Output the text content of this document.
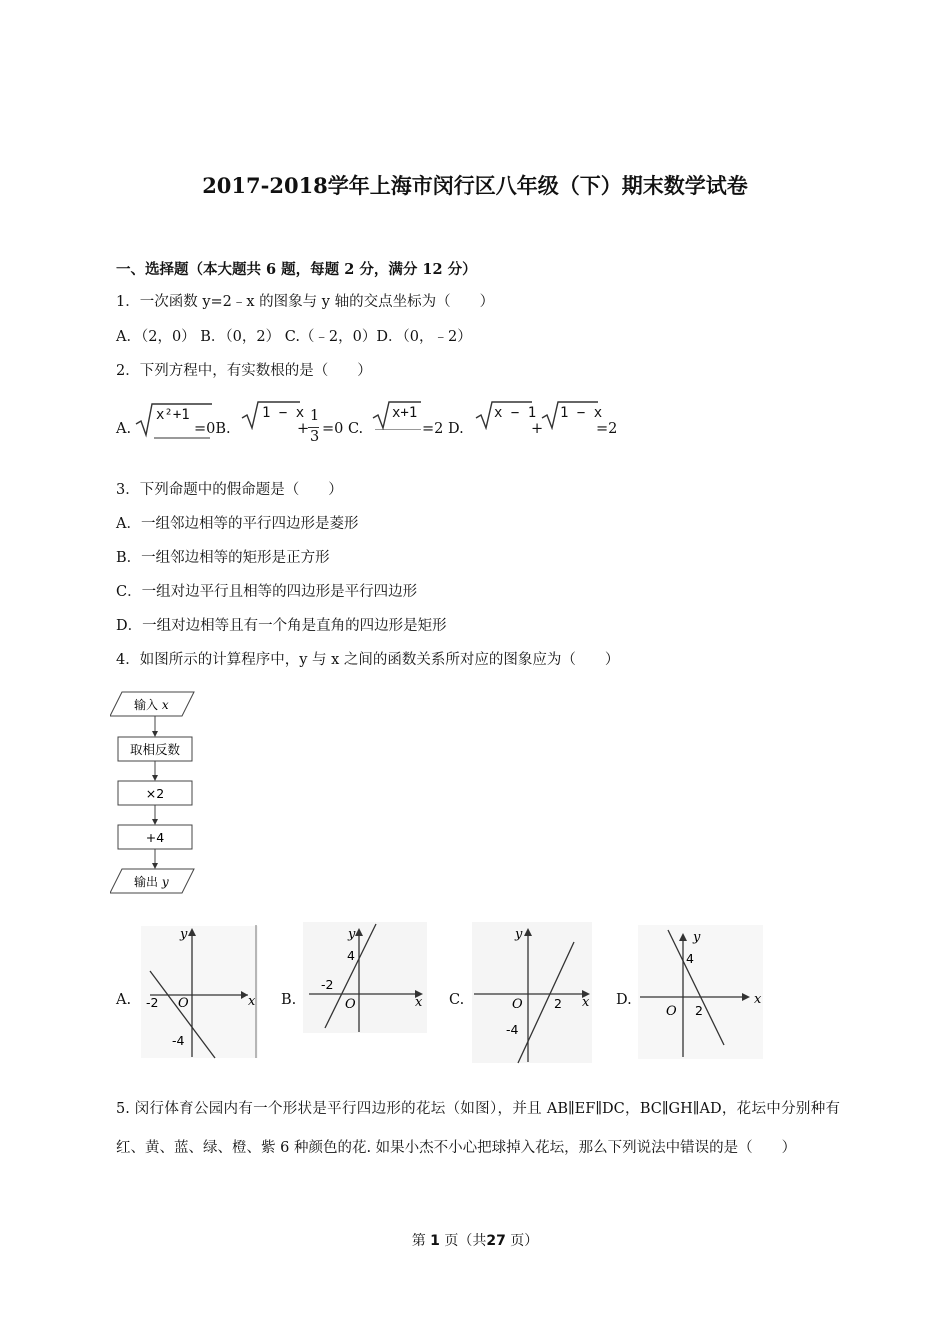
2017-2018学年上海市闵行区八年级（下）期末数学试卷
一、选择题（本大题共 6 题，每题 2 分，满分 12 分）
1．一次函数 y=2﹣x 的图象与 y 轴的交点坐标为（　　）
A．（2，0） B．（0，2） C.（﹣2，0）D．（0，﹣2）
2．下列方程中，有实数根的是（　　）
A.
x²+1
=0B.
1 − x
+
1
3 =0 C.
x+1
=2 D.
x − 1
+
1 − x
=2
3．下列命题中的假命题是（　　）
A．一组邻边相等的平行四边形是菱形
B．一组邻边相等的矩形是正方形
C．一组对边平行且相等的四边形是平行四边形
D．一组对边相等且有一个角是直角的四边形是矩形
4．如图所示的计算程序中，y 与 x 之间的函数关系所对应的图象应为（　　）
输入 x
取相反数
×2
+4
输出 y
A.	B.	C.	D.
y
x
O
-2
-4
y
x
O
4
-2
y
x
O	2
-4
y
x
O
4
2
5. 闵行体育公园内有一个形状是平行四边形的花坛（如图），并且 AB∥EF∥DC，BC∥GH∥AD，花坛中分别种有红、黄、蓝、绿、橙、紫 6 种颜色的花. 如果小杰不小心把球掉入花坛，那么下列说法中错误的是（　　）
第 1 页（共27 页）
